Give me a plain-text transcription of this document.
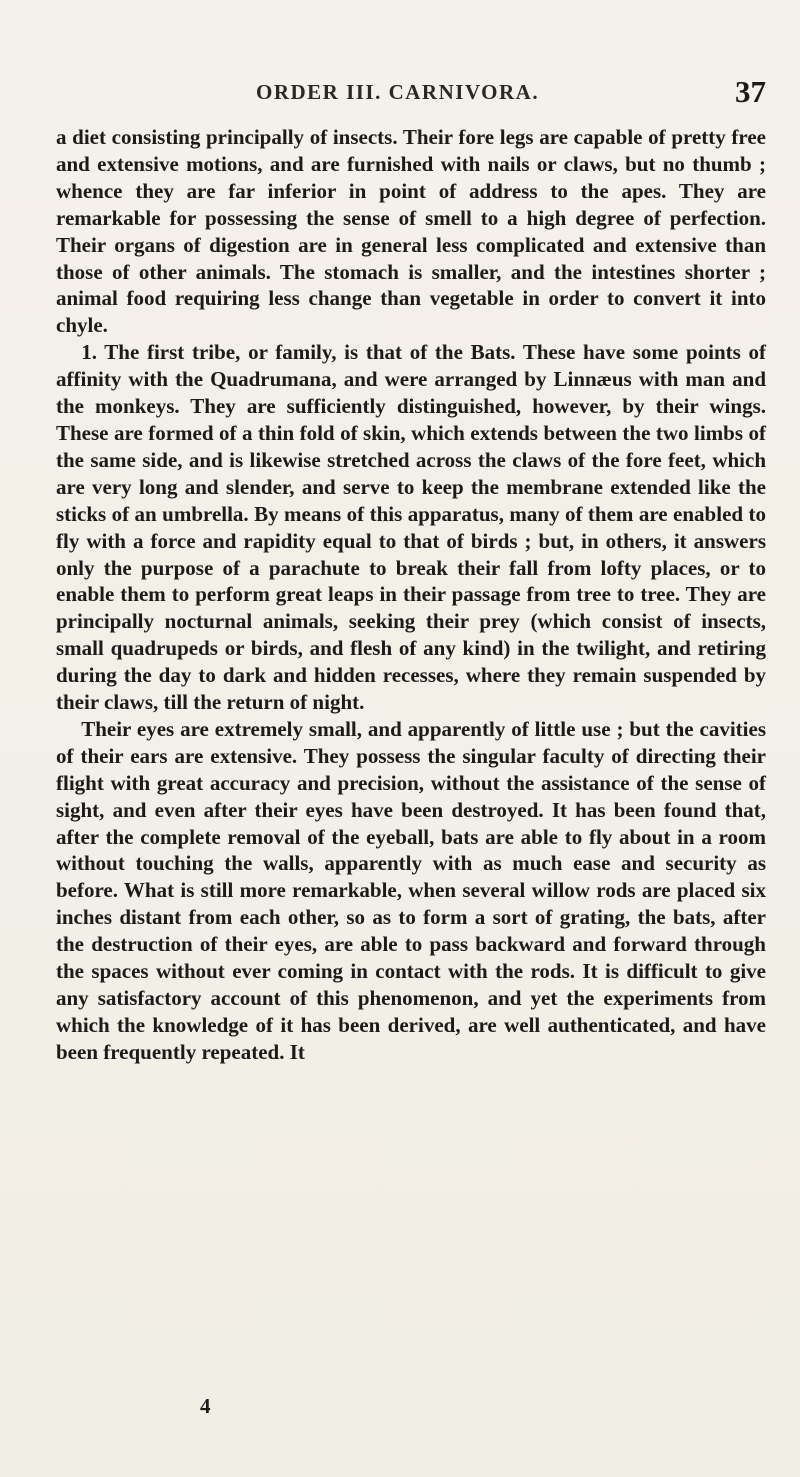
ORDER III. CARNIVORA.	37

a diet consisting principally of insects. Their fore legs are capable of pretty free and extensive motions, and are furnished with nails or claws, but no thumb ; whence they are far inferior in point of address to the apes. They are remarkable for possessing the sense of smell to a high degree of perfection. Their organs of digestion are in general less complicated and extensive than those of other animals. The stomach is smaller, and the intestines shorter ; animal food requiring less change than vegetable in order to convert it into chyle.

1. The first tribe, or family, is that of the Bats. These have some points of affinity with the Quadrumana, and were arranged by Linnæus with man and the monkeys. They are sufficiently distinguished, however, by their wings. These are formed of a thin fold of skin, which extends between the two limbs of the same side, and is likewise stretched across the claws of the fore feet, which are very long and slender, and serve to keep the membrane extended like the sticks of an umbrella. By means of this apparatus, many of them are enabled to fly with a force and rapidity equal to that of birds ; but, in others, it answers only the purpose of a parachute to break their fall from lofty places, or to enable them to perform great leaps in their passage from tree to tree. They are principally nocturnal animals, seeking their prey (which consist of insects, small quadrupeds or birds, and flesh of any kind) in the twilight, and retiring during the day to dark and hidden recesses, where they remain suspended by their claws, till the return of night.

Their eyes are extremely small, and apparently of little use ; but the cavities of their ears are extensive. They possess the singular faculty of directing their flight with great accuracy and precision, without the assistance of the sense of sight, and even after their eyes have been destroyed. It has been found that, after the complete removal of the eyeball, bats are able to fly about in a room without touching the walls, apparently with as much ease and security as before. What is still more remarkable, when several willow rods are placed six inches distant from each other, so as to form a sort of grating, the bats, after the destruction of their eyes, are able to pass backward and forward through the spaces without ever coming in contact with the rods. It is difficult to give any satisfactory account of this phenomenon, and yet the experiments from which the knowledge of it has been derived, are well authenticated, and have been frequently repeated. It

4
